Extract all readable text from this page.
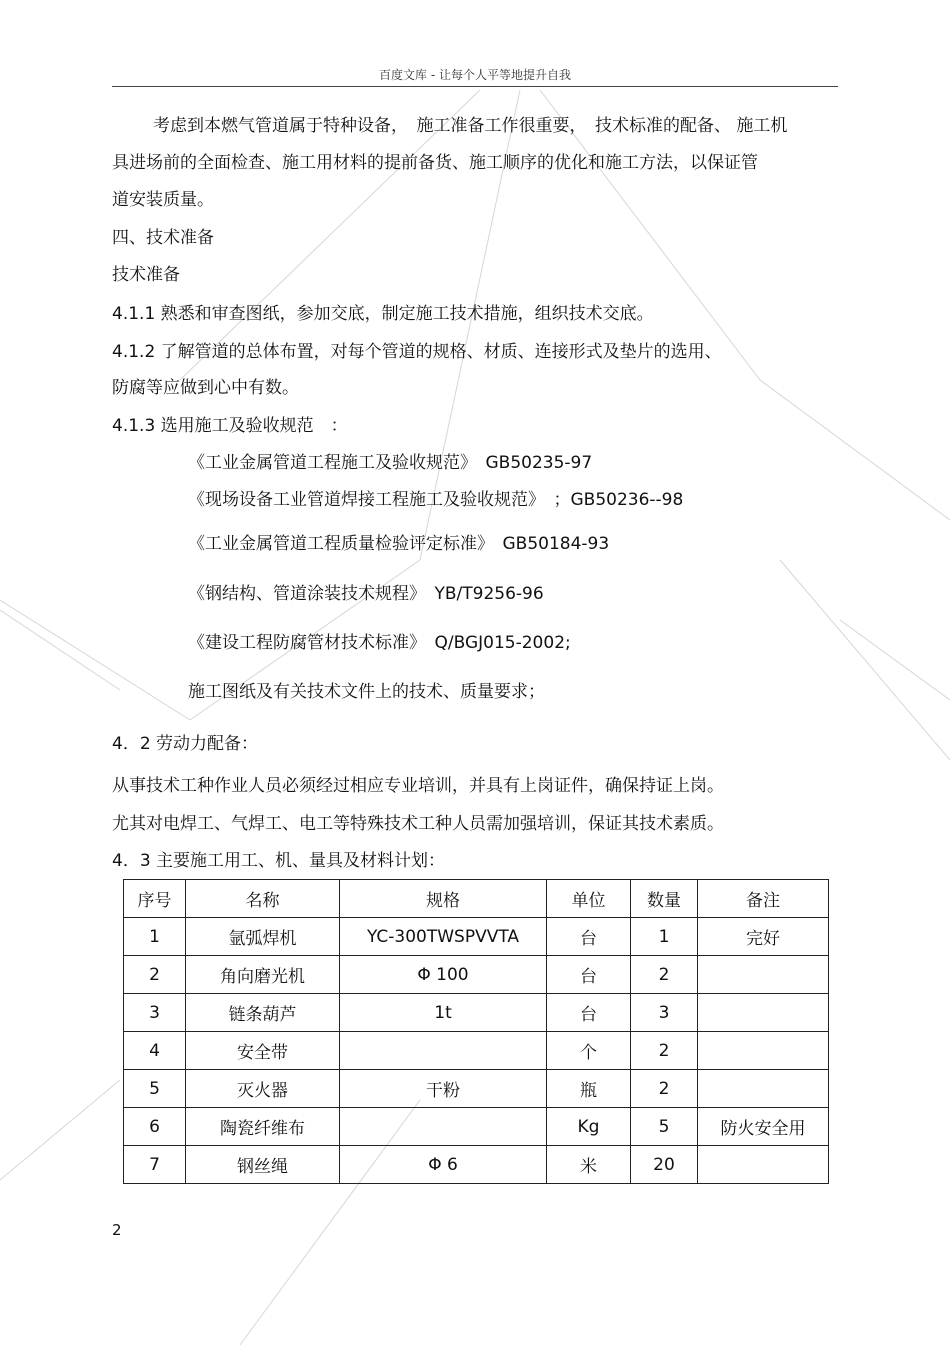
百度文库 - 让每个人平等地提升自我
考虑到本燃气管道属于特种设备，　施工准备工作很重要，　技术标准的配备、 施工机
具进场前的全面检查、施工用材料的提前备货、施工顺序的优化和施工方法，以保证管
道安装质量。
四、技术准备
技术准备
4.1.1 熟悉和审查图纸，参加交底，制定施工技术措施，组织技术交底。
4.1.2 了解管道的总体布置，对每个管道的规格、材质、连接形式及垫片的选用、
防腐等应做到心中有数。
4.1.3 选用施工及验收规范　：
《工业金属管道工程施工及验收规范》　GB50235-97
《现场设备工业管道焊接工程施工及验收规范》　；GB50236--98
《工业金属管道工程质量检验评定标准》　GB50184-93
《钢结构、管道涂装技术规程》　YB/T9256-96
《建设工程防腐管材技术标准》　Q/BGJ015-2002;
施工图纸及有关技术文件上的技术、质量要求；
4．2 劳动力配备：
从事技术工种作业人员必须经过相应专业培训，并具有上岗证件，确保持证上岗。
尤其对电焊工、气焊工、电工等特殊技术工种人员需加强培训，保证其技术素质。
4．3 主要施工用工、机、量具及材料计划：
序号	名称	规格	单位	数量	备注
1	氩弧焊机	YC-300TWSPVVTA	台	1	完好
2	角向磨光机	Φ 100	台	2	
3	链条葫芦	1t	台	3	
4	安全带		个	2	
5	灭火器	干粉	瓶	2	
6	陶瓷纤维布		Kg	5	防火安全用
7	钢丝绳	Φ 6	米	20	
2
